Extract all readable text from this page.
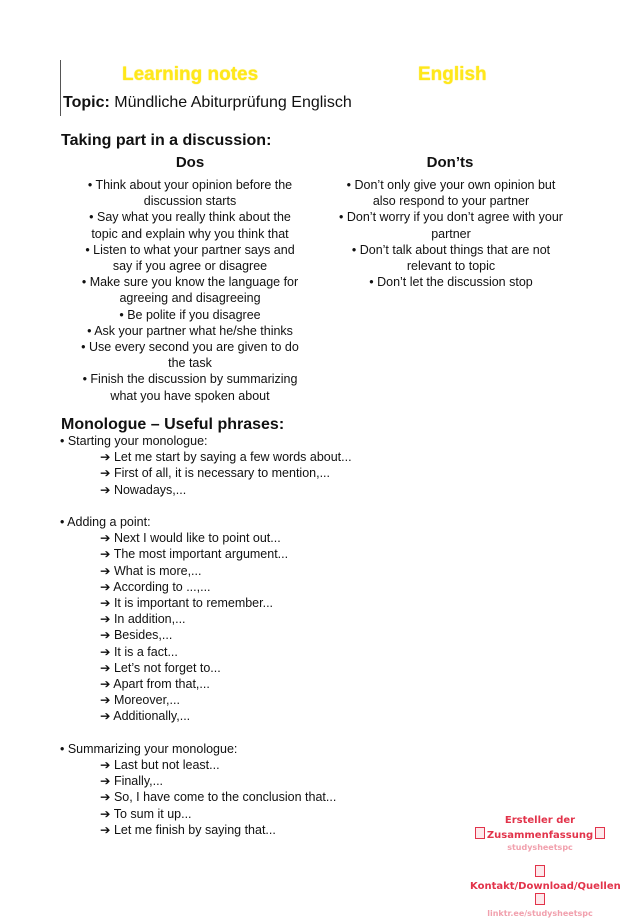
Learning notes	English
Topic: Mündliche Abiturprüfung Englisch
Taking part in a discussion:
Dos	Don’ts

• Think about your opinion before the

discussion starts

• Say what you really think about the

topic and explain why you think that

• Listen to what your partner says and

say if you agree or disagree

• Make sure you know the language for

agreeing and disagreeing

• Be polite if you disagree

• Ask your partner what he/she thinks

• Use every second you are given to do

the task

• Finish the discussion by summarizing

what you have spoken about

• Don’t only give your own opinion but

also respond to your partner

• Don’t worry if you don’t agree with your

partner

• Don’t talk about things that are not

relevant to topic

• Don’t let the discussion stop

Monologue – Useful phrases:

• Starting your monologue:

➔ Let me start by saying a few words about...

➔ First of all, it is necessary to mention,...

➔ Nowadays,...

• Adding a point:

➔ Next I would like to point out...

➔ The most important argument...

➔ What is more,...

➔ According to ...,...

➔ It is important to remember...

➔ In addition,...

➔ Besides,...

➔ It is a fact...

➔ Let’s not forget to...

➔ Apart from that,...

➔ Moreover,...

➔ Additionally,...

• Summarizing your monologue:

➔ Last but not least...

➔ Finally,...

➔ So, I have come to the conclusion that...

➔ To sum it up...

➔ Let me finish by saying that...

Ersteller der
Zusammenfassung
studysheetspc
Kontakt/Download/Quellen
linktr.ee/studysheetspc
